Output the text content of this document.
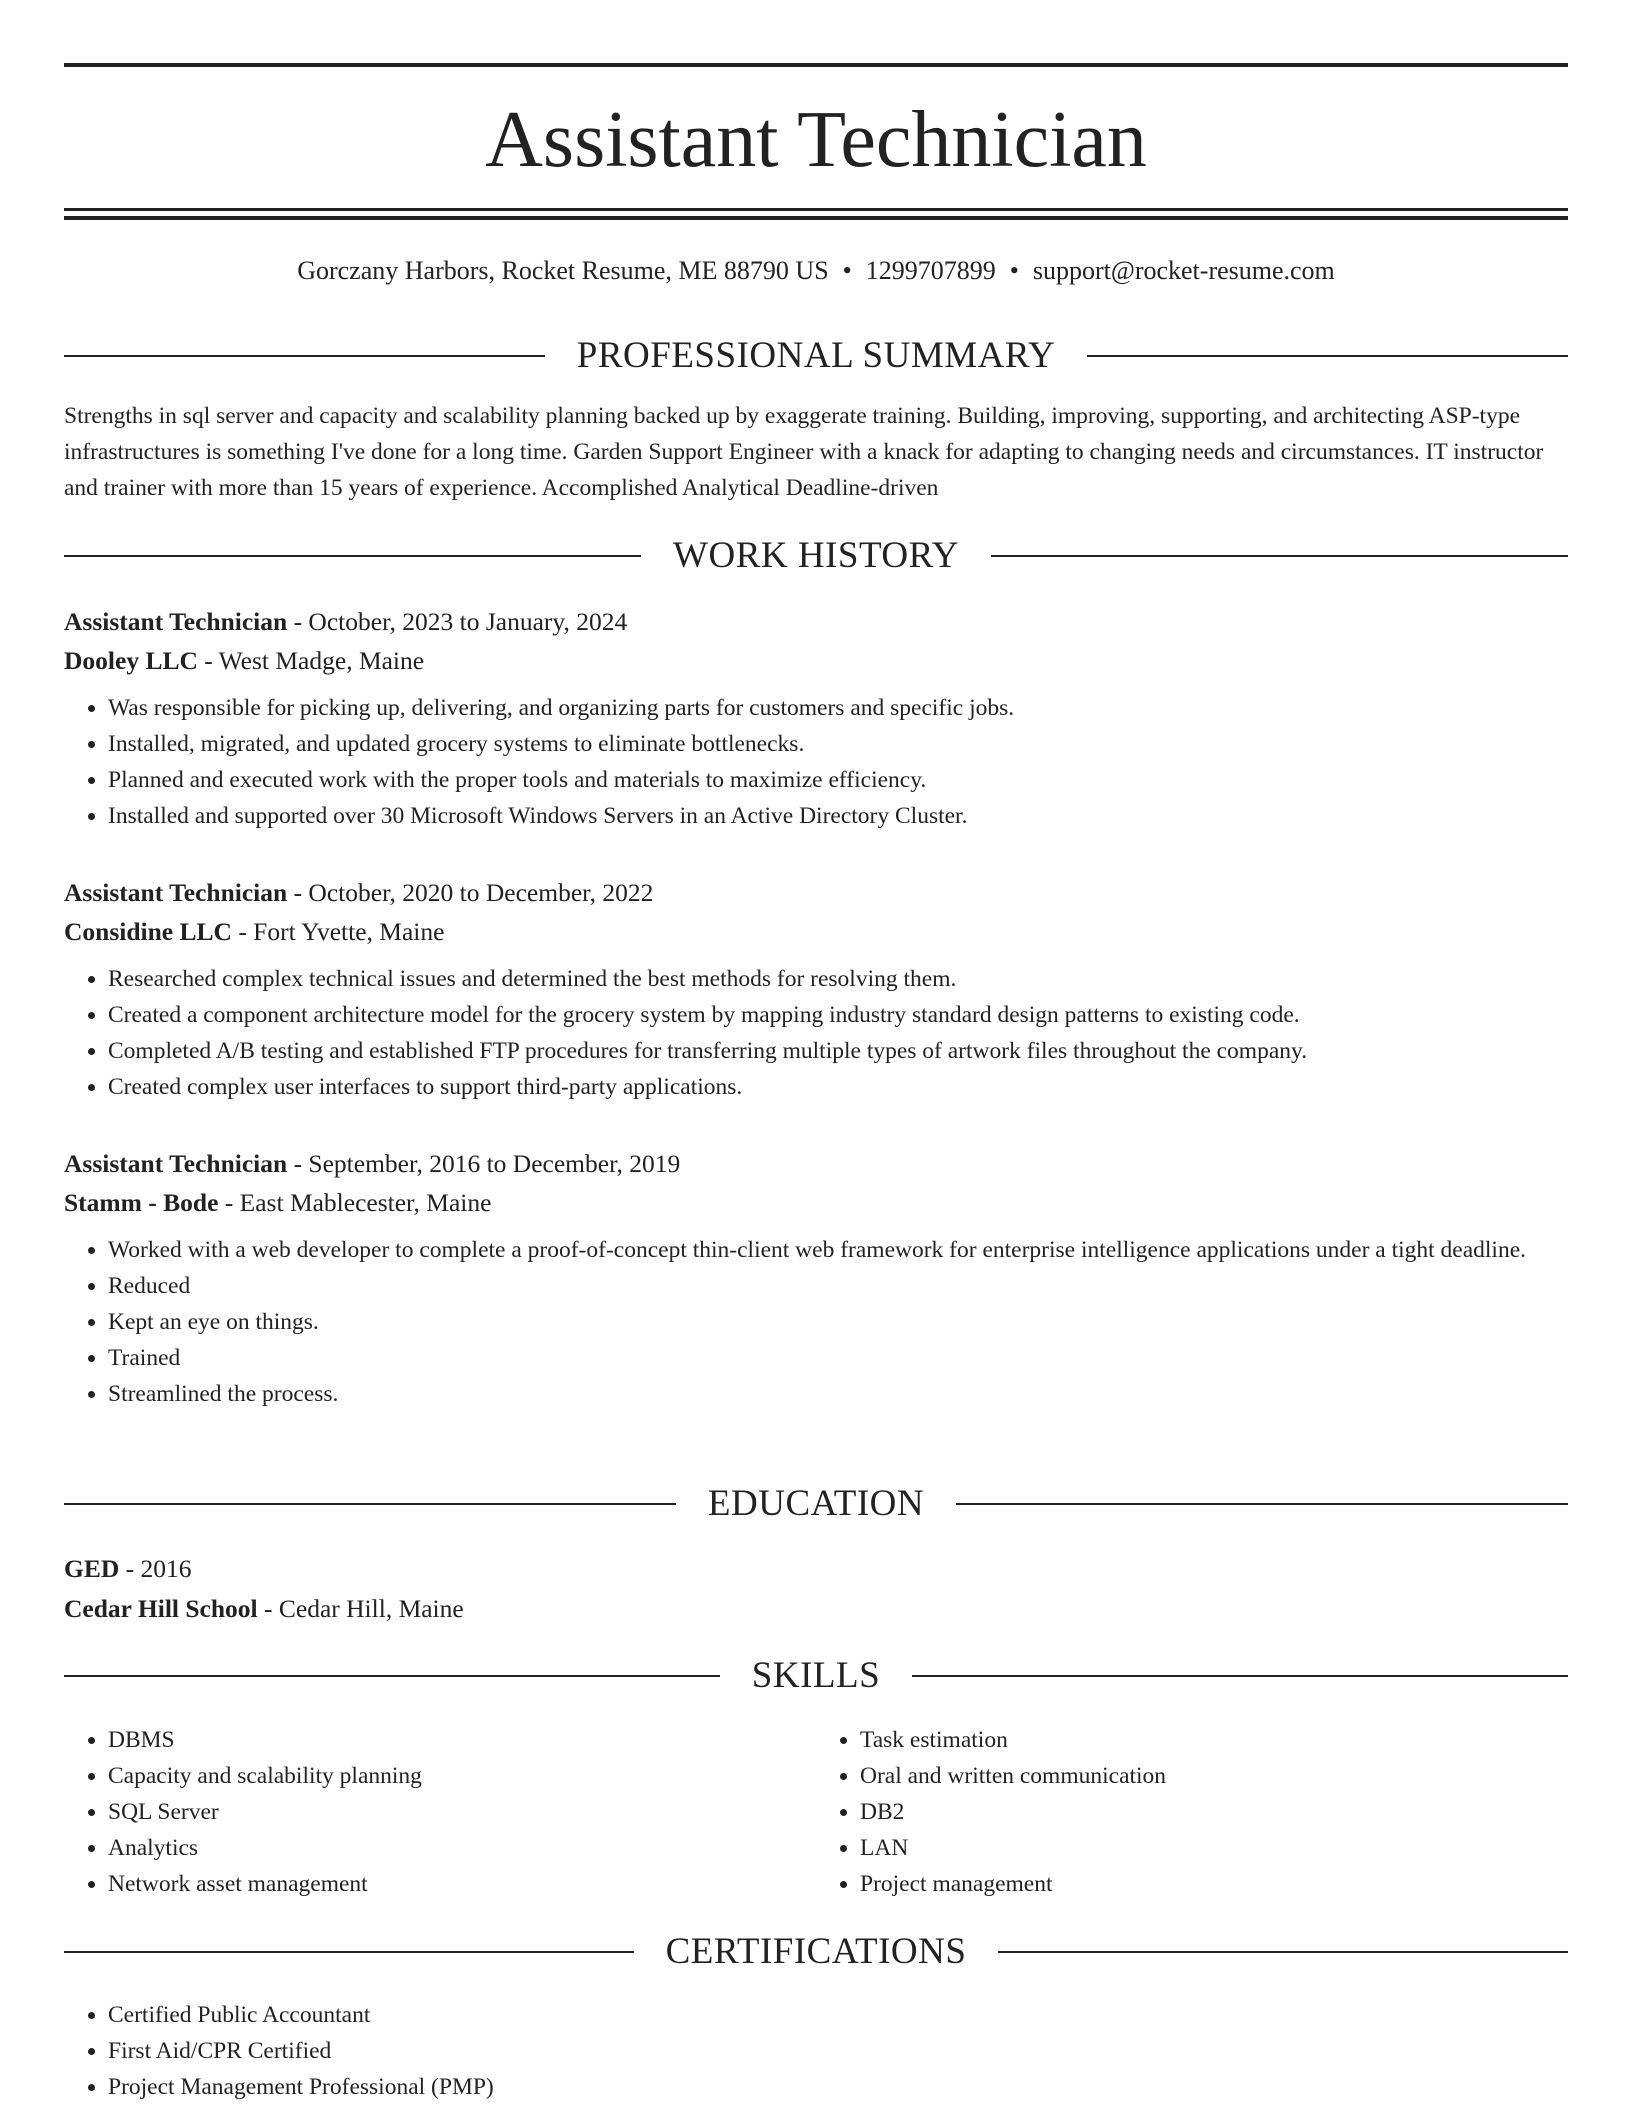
Assistant Technician
Gorczany Harbors, Rocket Resume, ME 88790 US • 1299707899 • support@rocket-resume.com
PROFESSIONAL SUMMARY

Strengths in sql server and capacity and scalability planning backed up by exaggerate training. Building, improving, supporting, and architecting ASP-type infrastructures is something I've done for a long time. Garden Support Engineer with a knack for adapting to changing needs and circumstances. IT instructor and trainer with more than 15 years of experience. Accomplished Analytical Deadline-driven

WORK HISTORY
Assistant Technician - October, 2023 to January, 2024
Dooley LLC - West Madge, Maine
• Was responsible for picking up, delivering, and organizing parts for customers and specific jobs.
• Installed, migrated, and updated grocery systems to eliminate bottlenecks.
• Planned and executed work with the proper tools and materials to maximize efficiency.
• Installed and supported over 30 Microsoft Windows Servers in an Active Directory Cluster.
Assistant Technician - October, 2020 to December, 2022
Considine LLC - Fort Yvette, Maine
• Researched complex technical issues and determined the best methods for resolving them.
• Created a component architecture model for the grocery system by mapping industry standard design patterns to existing code.
• Completed A/B testing and established FTP procedures for transferring multiple types of artwork files throughout the company.
• Created complex user interfaces to support third-party applications.
Assistant Technician - September, 2016 to December, 2019
Stamm - Bode - East Mablecester, Maine
• Worked with a web developer to complete a proof-of-concept thin-client web framework for enterprise intelligence applications under a tight deadline.
• Reduced
• Kept an eye on things.
• Trained
• Streamlined the process.
EDUCATION
GED - 2016
Cedar Hill School - Cedar Hill, Maine
SKILLS
• DBMS
• Capacity and scalability planning
• SQL Server
• Analytics
• Network asset management
• Task estimation
• Oral and written communication
• DB2
• LAN
• Project management
CERTIFICATIONS
• Certified Public Accountant
• First Aid/CPR Certified
• Project Management Professional (PMP)
